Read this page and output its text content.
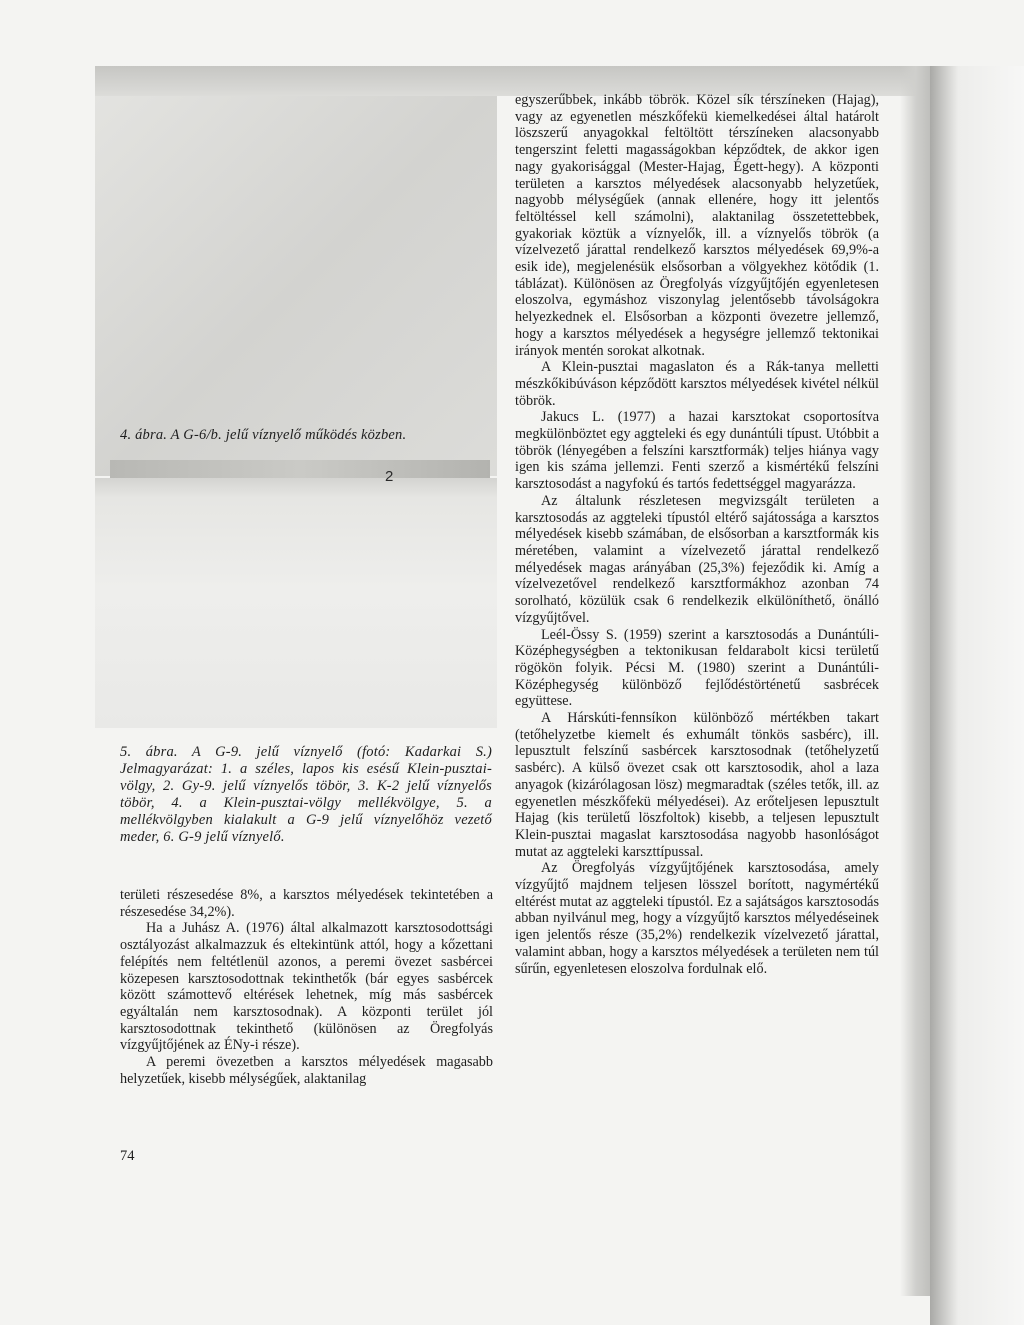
4. ábra. A G-6/b. jelű víznyelő működés közben.
2
5. ábra. A G-9. jelű víznyelő (fotó: Kadarkai S.) Jelmagyarázat: 1. a széles, lapos kis esésű Klein-pusztai-völgy, 2. Gy-9. jelű víznyelős töbör, 3. K-2 jelű víznyelős töbör, 4. a Klein-pusztai-völgy mellékvölgye, 5. a mellékvölgyben kialakult a G-9 jelű víznyelőhöz vezető meder, 6. G-9 jelű víznyelő.

területi részesedése 8%, a karsztos mélyedések tekintetében a részesedése 34,2%).

Ha a Juhász A. (1976) által alkalmazott karsztosodottsági osztályozást alkalmazzuk és eltekintünk attól, hogy a kőzettani felépítés nem feltétlenül azonos, a peremi övezet sasbércei közepesen karsztosodottnak tekinthetők (bár egyes sasbércek között számottevő eltérések lehetnek, míg más sasbércek egyáltalán nem karsztosodnak). A központi terület jól karsztosodottnak tekinthető (különösen az Öregfolyás vízgyűjtőjének az ÉNy-i része).

A peremi övezetben a karsztos mélyedések magasabb helyzetűek, kisebb mélységűek, alaktanilag

egyszerűbbek, inkább töbrök. Közel sík térszíneken (Hajag), vagy az egyenetlen mészkőfekü kiemelkedései által határolt löszszerű anyagokkal feltöltött térszíneken alacsonyabb tengerszint feletti magasságokban képződtek, de akkor igen nagy gyakorisággal (Mester-Hajag, Égett-hegy). A központi területen a karsztos mélyedések alacsonyabb helyzetűek, nagyobb mélységűek (annak ellenére, hogy itt jelentős feltöltéssel kell számolni), alaktanilag összetettebbek, gyakoriak köztük a víznyelők, ill. a víznyelős töbrök (a vízelvezető járattal rendelkező karsztos mélyedések 69,9%-a esik ide), megjelenésük elsősorban a völgyekhez kötődik (1. táblázat). Különösen az Öregfolyás vízgyűjtőjén egyenletesen eloszolva, egymáshoz viszonylag jelentősebb távolságokra helyezkednek el. Elsősorban a központi övezetre jellemző, hogy a karsztos mélyedések a hegységre jellemző tektonikai irányok mentén sorokat alkotnak.

A Klein-pusztai magaslaton és a Rák-tanya melletti mészkőkibúváson képződött karsztos mélyedések kivétel nélkül töbrök.

Jakucs L. (1977) a hazai karsztokat csoportosítva megkülönböztet egy aggteleki és egy dunántúli típust. Utóbbit a töbrök (lényegében a felszíni karsztformák) teljes hiánya vagy igen kis száma jellemzi. Fenti szerző a kismértékű felszíni karsztosodást a nagyfokú és tartós fedettséggel magyarázza.

Az általunk részletesen megvizsgált területen a karsztosodás az aggteleki típustól eltérő sajátossága a karsztos mélyedések kisebb számában, de elsősorban a karsztformák kis méretében, valamint a vízelvezető járattal rendelkező mélyedések magas arányában (25,3%) fejeződik ki. Amíg a vízelvezetővel rendelkező karsztformákhoz azonban 74 sorolható, közülük csak 6 rendelkezik elkülöníthető, önálló vízgyűjtővel.

Leél-Össy S. (1959) szerint a karsztosodás a Dunántúli-Középhegységben a tektonikusan feldarabolt kicsi területű rögökön folyik. Pécsi M. (1980) szerint a Dunántúli-Középhegység különböző fejlődéstörténetű sasbrécek együttese.

A Hárskúti-fennsíkon különböző mértékben takart (tetőhelyzetbe kiemelt és exhumált tönkös sasbérc), ill. lepusztult felszínű sasbércek karsztosodnak (tetőhelyzetű sasbérc). A külső övezet csak ott karsztosodik, ahol a laza anyagok (kizárólagosan lösz) megmaradtak (széles tetők, ill. az egyenetlen mészkőfekü mélyedései). Az erőteljesen lepusztult Hajag (kis területű löszfoltok) kisebb, a teljesen lepusztult Klein-pusztai magaslat karsztosodása nagyobb hasonlóságot mutat az aggteleki karszttípussal.

Az Öregfolyás vízgyűjtőjének karsztosodása, amely vízgyűjtő majdnem teljesen lösszel borított, nagymértékű eltérést mutat az aggteleki típustól. Ez a sajátságos karsztosodás abban nyilvánul meg, hogy a vízgyűjtő karsztos mélyedéseinek igen jelentős része (35,2%) rendelkezik vízelvezető járattal, valamint abban, hogy a karsztos mélyedések a területen nem túl sűrűn, egyenletesen eloszolva fordulnak elő.

74
